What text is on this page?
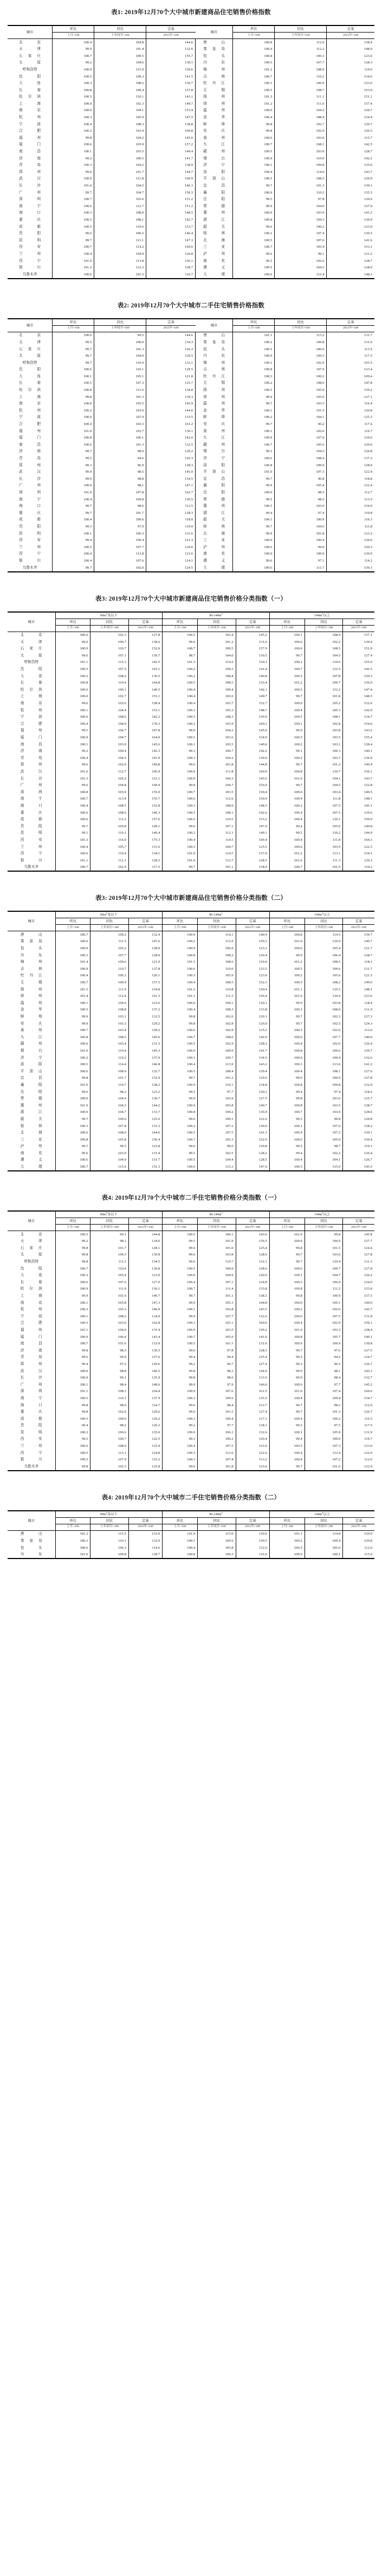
表1: 2019年12月70个大中城市新建商品住宅销售价格指数
城市	环比	同比	定基	城市	环比	同比	定基
	上月=100	上年同月=100	2015年=100		上月=100	上年同月=100	2015年=100
北京	100.4	104.8	144.6	唐山	100.8	112.9	138.4
天津	99.9	101.4	132.6	秦皇岛	100.4	112.2	148.0
石家庄	100.7	109.5	155.7	包头	100.8	106.3	123.6
太原	99.2	104.6	130.1	丹东	100.5	107.7	128.3
呼和浩特	100.9	115.9	150.6	锦州	101.2	108.9	119.6
沈阳	100.5	109.3	141.5	吉林	100.7	110.2	134.6
大连	100.3	108.2	136.7	牡丹江	100.3	106.0	123.6
长春	100.8	109.4	137.8	无锡	100.5	108.7	153.0
哈尔滨	100.5	110.1	143.1	扬州	101.3	111.1	151.1
上海	100.0	102.3	149.7	徐州	101.2	111.6	157.4
南京	100.0	104.1	153.4	温州	100.0	104.2	120.7
杭州	100.3	105.0	147.5	金华	100.4	108.4	134.4
宁波	100.4	108.3	138.8	蚌埠	99.8	102.7	129.7
合肥	100.2	103.9	160.8	安庆	99.8	102.9	126.5
福州	99.8	104.2	145.0	泉州	100.6	103.0	115.7
厦门	100.6	103.9	157.2	九江	100.7	108.1	142.5
南昌	100.1	103.5	140.4	赣州	100.5	103.0	128.7
济南	99.2	100.5	141.7	烟台	100.9	110.0	142.2
青岛	100.3	104.2	138.9	济宁	100.1	109.8	135.0
郑州	99.6	101.7	144.7	洛阳	100.4	114.0	143.7
武汉	100.9	111.8	160.9	平顶山	100.5	108.5	129.9
长沙	101.0	104.5	146.3	宜昌	99.7	101.3	130.1
广州	99.7	104.7	156.3	襄阳	100.9	110.2	135.3
深圳	100.7	103.6	151.2	岳阳	99.5	97.8	120.6
南宁	100.6	112.7	151.2	常德	99.9	104.0	127.9
海口	100.3	108.0	148.5	惠州	100.9	103.9	141.2
重庆	100.5	108.1	142.7	湛江	100.8	104.3	130.9
成都	100.5	110.6	153.7	韶关	99.6	100.2	123.0
贵阳	99.6	106.5	146.4	桂林	100.2	107.4	130.5
昆明	99.7	111.1	147.3	北海	100.5	107.6	141.6
西安	100.7	114.2	169.6	三亚	100.7	105.4	153.1
兰州	100.4	104.9	126.8	泸州	99.6	99.1	121.2
西宁	101.0	113.8	136.1	南充	99.5	102.6	128.7
银川	101.2	112.3	128.7	遵义	100.5	104.5	128.9
乌鲁木齐	100.0	101.5	116.7	大理	100.6	115.4	148.1
表2: 2019年12月70个大中城市二手住宅销售价格指数
城市	环比	同比	定基	城市	环比	同比	定基
	上月=100	上年同月=100	2015年=100		上月=100	上年同月=100	2015年=100
北京	100.6	99.5	144.6	唐山	101.1	115.2	131.7
天津	99.5	100.0	134.3	秦皇岛	100.2	109.8	131.6
石家庄	99.7	101.3	126.3	包头	100.5	106.0	113.5
太原	99.7	104.0	129.5	丹东	100.9	109.5	117.5
呼和浩特	99.7	110.9	133.1	锦州	100.1	102.9	103.5
沈阳	100.6	110.1	129.5	吉林	100.8	107.9	123.4
大连	100.1	105.1	121.8	牡丹江	100.3	100.2	109.4
长春	100.5	107.3	125.7	无锡	100.2	108.6	147.8
哈尔滨	100.8	111.6	134.8	扬州	100.5	105.0	129.2
上海	99.8	101.3	139.3	徐州	99.9	105.0	127.1
南京	100.0	105.5	145.9	温州	99.7	103.5	116.4
杭州	100.2	103.0	144.6	金华	100.1	101.5	120.8
宁波	100.0	107.9	133.5	蚌埠	100.2	104.1	125.3
合肥	100.4	103.3	161.2	安庆	99.7	96.2	117.6
福州	101.0	103.7	130.1	泉州	100.1	102.0	116.7
厦门	100.8	106.1	142.0	九江	100.9	107.0	130.6
南昌	100.6	101.3	132.5	赣州	100.7	105.6	129.6
济南	99.7	98.0	129.2	烟台	99.1	104.5	126.8
青岛	99.5	94.6	126.3	济宁	100.6	108.4	137.3
郑州	99.3	96.9	128.3	洛阳	100.8	109.0	128.0
武汉	99.9	98.5	145.0	平顶山	101.0	107.3	122.4
长沙	99.9	98.8	134.5	宜昌	99.7	96.8	118.8
广州	100.0	98.1	147.1	襄阳	99.9	105.4	122.4
深圳	101.0	107.8	162.7	岳阳	100.0	98.5	112.7
南宁	100.4	109.8	136.5	常德	99.5	98.5	113.5
海口	99.7	98.6	113.5	惠州	100.5	103.0	134.9
重庆	99.7	101.7	128.3	湛江	99.4	97.4	110.8
成都	100.4	100.6	118.0	韶关	100.1	100.9	116.3
贵阳	99.3	97.9	119.0	桂林	99.7	104.6	111.8
昆明	100.1	106.3	133.6	北海	99.9	101.8	123.2
西安	99.4	100.4	121.3	三亚	100.0	100.4	120.0
兰州	100.5	107.7	124.6	泸州	100.6	99.9	120.3
西宁	100.4	112.8	123.6	南充	100.0	100.0	120.9
银川	100.4	107.6	114.1	遵义	99.6	97.1	114.2
乌鲁木齐	99.7	102.0	124.5	大理	100.6	111.7	130.1
表3: 2019年12月70个大中城市新建商品住宅销售价格分类指数（一）
城市	$90m^2$及以下			$90-144m^2$			$144m^2$以上		
	环比	同比	定基	环比	同比	定基	环比	同比	定基
	上月=100	上年同月=100	2015年=100	上月=100	上年同月=100	2015年=100	上月=100	上年同月=100	2015年=100
北京	100.6	102.3	127.8	100.5	102.4	145.2	100.1	108.4	157.1
天津	99.6	100.7	138.6	99.6	101.2	131.6	100.6	102.2	130.4
石家庄	100.9	110.7	152.9	100.7	109.5	157.9	100.6	108.5	151.9
太原	99.6	107.1	136.7	98.7	104.0	130.5	99.7	104.5	127.4
呼和浩特	101.1	115.3	142.5	101.3	114.2	150.1	100.2	119.6	155.9
沈阳	100.5	107.5	141.1	100.2	109.3	141.4	100.7	112.5	142.5
大连	100.2	108.2	136.5	100.2	108.4	140.8	100.5	107.8	129.3
长春	100.8	110.4	144.8	100.5	108.5	133.4	101.2	109.7	136.0
哈尔滨	100.6	109.1	140.5	100.4	109.4	142.1	100.5	112.2	147.4
上海	100.0	102.7	153.1	100.4	102.6	149.7	99.7	101.8	148.5
南京	99.6	103.6	158.4	100.4	103.7	152.7	100.0	105.2	152.6
杭州	100.1	104.4	153.1	100.3	105.2	148.7	100.4	105.3	142.9
宁波	100.6	108.6	142.2	100.3	108.3	139.9	100.5	108.1	134.7
合肥	100.4	104.9	170.3	100.2	103.9	160.2	100.1	102.8	154.0
福州	99.5	104.7	147.8	99.9	104.2	145.0	99.9	103.8	143.2
厦门	100.9	104.7	164.0	100.5	103.6	154.9	100.5	103.5	155.4
南昌	100.1	103.9	145.6	100.1	103.5	140.0	100.2	103.1	138.4
济南	99.2	100.4	142.3	99.3	100.7	142.2	99.1	100.3	140.1
青岛	100.4	104.5	141.0	100.3	104.2	139.0	100.2	103.7	136.9
郑州	99.6	102.0	149.8	99.6	101.8	144.8	99.7	101.2	140.4
武汉	101.0	112.7	166.9	100.9	111.8	160.9	100.8	110.7	156.1
长沙	101.3	105.2	151.1	100.9	104.3	145.6	101.0	104.1	143.7
广州	99.6	104.8	160.9	99.8	104.7	156.0	99.7	104.5	152.8
深圳	100.8	103.9	155.0	100.7	103.5	150.4	100.6	103.4	149.5
南宁	100.7	113.4	155.7	100.6	112.6	150.9	100.4	111.8	148.1
海口	100.4	108.5	152.8	100.3	108.0	148.5	100.2	107.5	145.1
重庆	100.6	108.6	146.3	100.5	108.1	142.6	100.4	107.5	139.6
成都	100.6	111.2	157.6	100.5	110.5	153.2	100.4	110.1	150.9
贵阳	99.7	105.8	149.1	99.6	107.1	147.0	99.4	105.6	140.8
昆明	99.1	110.1	146.4	100.2	112.1	149.1	99.5	110.2	144.9
西安	101.3	116.0	175.3	100.4	114.5	169.4	100.4	111.8	164.3
兰州	100.4	105.7	131.6	100.3	104.7	125.5	100.6	103.9	122.5
西宁	100.6	110.4	134.1	101.0	114.5	137.0	101.2	113.1	134.1
银川	101.1	112.1	128.3	101.0	112.7	128.5	101.6	111.3	129.3
乌鲁木齐	100.7	102.9	117.5	99.7	101.1	118.9	100.7	101.5	110.2
表3: 2019年12月70个大中城市新建商品住宅销售价格分类指数（二）
城市	$90m^2$及以下			$90-144m^2$			$144m^2$以上		
	环比	同比	定基	环比	同比	定基	环比	同比	定基
	上月=100	上年同月=100	2015年=100	上月=100	上年同月=100	2015年=100	上月=100	上年同月=100	2015年=100
唐山	100.7	109.2	132.4	100.9	114.1	140.9	100.8	114.5	139.7
秦皇岛	100.6	111.5	147.6	100.2	112.9	150.3	101.0	110.9	140.7
包头	100.9	105.2	128.0	100.9	106.9	123.3	100.6	105.4	121.7
丹东	100.3	107.7	128.0	100.8	108.2	129.4	99.9	106.4	128.7
锦州	101.4	109.6	121.9	101.1	108.6	119.0	101.2	108.5	118.1
吉林	100.9	110.7	137.8	100.6	110.0	133.5	100.5	109.6	131.7
牡丹江	100.4	106.3	126.1	100.3	105.9	123.0	100.2	105.6	121.5
无锡	100.7	109.4	157.5	100.4	108.5	152.3	100.5	108.2	149.6
扬州	101.5	111.9	154.8	101.2	110.8	150.4	101.1	110.5	148.1
徐州	101.4	112.4	161.3	101.1	111.3	156.4	101.0	110.9	153.6
温州	100.1	104.6	123.6	100.0	104.1	120.1	99.9	103.8	118.4
金华	100.5	108.8	137.2	100.4	108.3	133.8	100.3	108.0	131.9
蚌埠	99.9	103.1	132.5	99.8	102.6	129.1	99.7	102.3	127.3
安庆	99.9	103.3	129.2	99.8	102.8	126.0	99.7	102.5	124.3
泉州	100.7	103.4	118.2	100.6	102.9	115.2	100.5	102.6	113.6
九江	100.8	108.5	145.6	100.7	108.0	142.0	100.6	107.7	140.0
赣州	100.6	103.4	131.5	100.5	102.9	128.2	100.4	102.6	126.4
烟台	101.0	110.4	145.3	100.9	109.9	141.7	100.8	109.6	139.7
济宁	100.2	110.2	137.9	100.1	109.7	134.5	100.0	109.4	132.6
洛阳	100.5	114.4	146.8	100.4	113.9	143.2	100.3	113.6	141.2
平顶山	100.6	108.9	132.7	100.5	108.4	129.4	100.4	108.1	127.6
宜昌	99.8	101.7	132.9	99.7	101.2	129.6	99.6	100.9	127.8
襄阳	101.0	110.7	138.2	100.9	110.1	134.8	100.8	109.8	132.9
岳阳	99.6	98.2	123.2	99.5	97.7	120.2	99.4	97.4	118.5
常德	100.0	104.4	130.7	99.9	103.9	127.5	99.8	103.6	125.7
惠州	101.0	104.3	144.2	100.9	103.8	140.7	100.8	103.5	138.7
湛江	100.9	104.7	133.7	100.8	104.2	130.4	100.7	103.9	128.6
韶关	99.7	100.6	125.6	99.6	100.1	122.6	99.5	99.8	120.8
桂林	100.3	107.8	133.3	100.2	107.3	130.0	100.1	107.0	128.2
北海	100.6	108.0	144.6	100.5	107.5	141.1	100.4	107.2	139.1
三亚	100.8	105.8	156.4	100.7	105.3	152.6	100.6	105.0	150.4
泸州	99.7	99.5	123.8	99.6	99.0	120.8	99.5	98.7	119.1
南充	99.6	103.0	131.4	99.5	102.5	128.2	99.4	102.2	126.4
遵义	100.6	104.9	131.7	100.5	104.4	128.5	100.4	104.1	126.7
大理	100.7	115.9	151.3	100.6	115.3	147.6	100.5	115.0	145.5
表4: 2019年12月70个大中城市二手住宅销售价格分类指数（一）
城市	$90m^2$及以下			$90-144m^2$			$144m^2$以上		
	环比	同比	定基	环比	同比	定基	环比	同比	定基
	上月=100	上年同月=100	2015年=100	上月=100	上年同月=100	2015年=100	上月=100	上年同月=100	2015年=100
北京	100.5	99.1	144.8	100.5	100.1	143.6	101.0	99.8	145.8
天津	99.2	98.1	134.6	99.5	101.9	136.5	100.0	100.9	127.7
石家庄	99.8	101.7	128.1	99.6	101.0	125.4	99.8	101.5	124.6
太原	99.8	104.3	130.8	99.6	103.8	128.6	99.7	103.6	127.8
呼和浩特	99.8	111.2	134.5	99.6	110.7	132.1	99.7	110.4	131.3
沈阳	100.7	110.4	130.8	100.5	109.9	128.6	100.6	109.7	127.8
大连	100.2	105.4	123.0	100.0	104.9	120.9	100.1	104.7	120.2
长春	100.6	107.6	127.0	100.4	107.1	124.8	100.5	106.9	124.0
哈尔滨	100.9	111.9	136.1	100.7	111.4	133.8	100.8	111.2	133.0
上海	99.9	101.6	140.7	99.7	101.1	138.3	99.8	100.9	137.5
南京	100.1	105.8	147.3	99.9	105.3	144.8	100.0	105.1	144.0
杭州	100.3	103.3	146.0	100.1	102.8	143.5	100.2	102.6	142.7
宁波	100.1	108.2	134.9	99.9	107.7	132.6	100.0	107.5	131.8
合肥	100.5	103.6	162.8	100.3	103.1	160.0	100.4	102.9	159.1
福州	101.1	104.0	131.4	100.9	103.5	129.2	101.0	103.3	128.4
厦门	100.9	106.4	143.4	100.7	105.9	141.0	100.8	105.7	140.1
南昌	100.7	101.6	133.9	100.5	101.1	131.6	100.6	100.9	130.8
济南	99.8	98.3	130.5	99.6	97.8	128.3	99.7	97.6	127.5
青岛	99.6	94.9	127.6	99.4	94.4	125.4	99.5	94.2	124.7
郑州	99.4	97.2	129.6	99.2	96.7	127.4	99.3	96.5	126.7
武汉	100.0	98.8	146.5	99.8	98.3	144.0	99.9	98.1	143.1
长沙	100.0	99.1	135.9	99.8	98.6	133.5	99.9	98.4	132.7
广州	100.1	98.4	148.6	99.9	97.9	146.0	100.0	97.7	145.2
深圳	101.1	108.1	164.4	100.9	107.6	161.5	101.0	107.4	160.6
南宁	100.5	110.1	137.9	100.3	109.6	135.5	100.4	109.4	134.7
海口	99.8	98.9	114.7	99.6	98.4	112.7	99.7	98.2	112.0
重庆	99.8	102.0	129.6	99.6	101.5	127.4	99.7	101.3	126.7
成都	100.5	100.9	119.2	100.3	100.4	117.1	100.4	100.2	116.5
贵阳	99.4	98.2	120.2	99.2	97.7	118.1	99.3	97.5	117.5
昆明	100.2	106.6	135.0	100.0	106.1	132.6	100.1	105.9	131.9
西安	99.5	100.7	122.5	99.3	100.2	120.4	99.4	100.0	119.7
兰州	100.6	108.0	125.9	100.4	107.5	123.6	100.5	107.3	123.0
西宁	100.5	113.1	124.8	100.3	112.6	122.6	100.4	112.4	122.0
银川	100.5	107.9	115.2	100.3	107.4	113.2	100.4	107.2	112.6
乌鲁木齐	99.8	102.3	125.8	99.6	101.8	123.6	99.7	101.6	122.9
表4: 2019年12月70个大中城市二手住宅销售价格分类指数（二）
城市	$90m^2$及以下			$90-144m^2$			$144m^2$以上		
	环比	同比	定基	环比	同比	定基	环比	同比	定基
	上月=100	上年同月=100	2015年=100	上月=100	上年同月=100	2015年=100	上月=100	上年同月=100	2015年=100
唐山	101.2	115.5	133.0	101.0	115.0	130.6	101.1	114.8	129.9
秦皇岛	100.3	110.1	132.9	100.1	109.6	130.5	100.2	109.4	129.8
包头	100.6	106.3	114.6	100.4	105.8	112.6	100.5	105.6	112.0
丹东	101.0	109.8	118.7	100.8	109.3	116.6	100.9	109.1	115.9
